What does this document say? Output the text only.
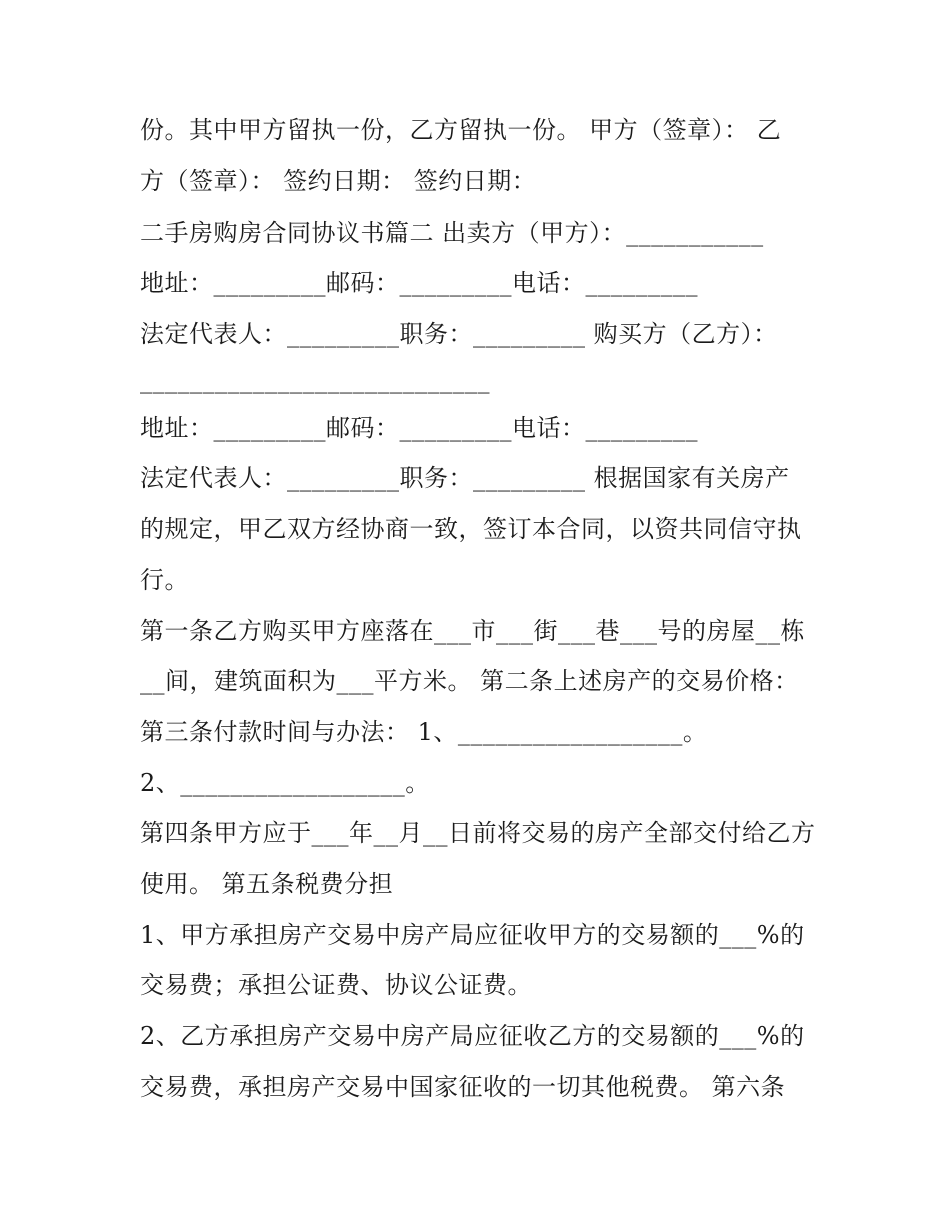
份。其中甲方留执一份，乙方留执一份。 甲方（签章）： 乙
方（签章）： 签约日期： 签约日期：
二手房购房合同协议书篇二 出卖方（甲方）：___________
地址：_________邮码：_________电话：_________
法定代表人：_________职务：_________ 购买方（乙方）：
____________________________
地址：_________邮码：_________电话：_________
法定代表人：_________职务：_________ 根据国家有关房产
的规定，甲乙双方经协商一致，签订本合同，以资共同信守执
行。
第一条乙方购买甲方座落在___市___街___巷___号的房屋__栋
__间，建筑面积为___平方米。 第二条上述房产的交易价格：
第三条付款时间与办法： 1、__________________。
2、__________________。
第四条甲方应于___年__月__日前将交易的房产全部交付给乙方
使用。 第五条税费分担
1、甲方承担房产交易中房产局应征收甲方的交易额的___%的
交易费；承担公证费、协议公证费。
2、乙方承担房产交易中房产局应征收乙方的交易额的___%的
交易费，承担房产交易中国家征收的一切其他税费。 第六条
